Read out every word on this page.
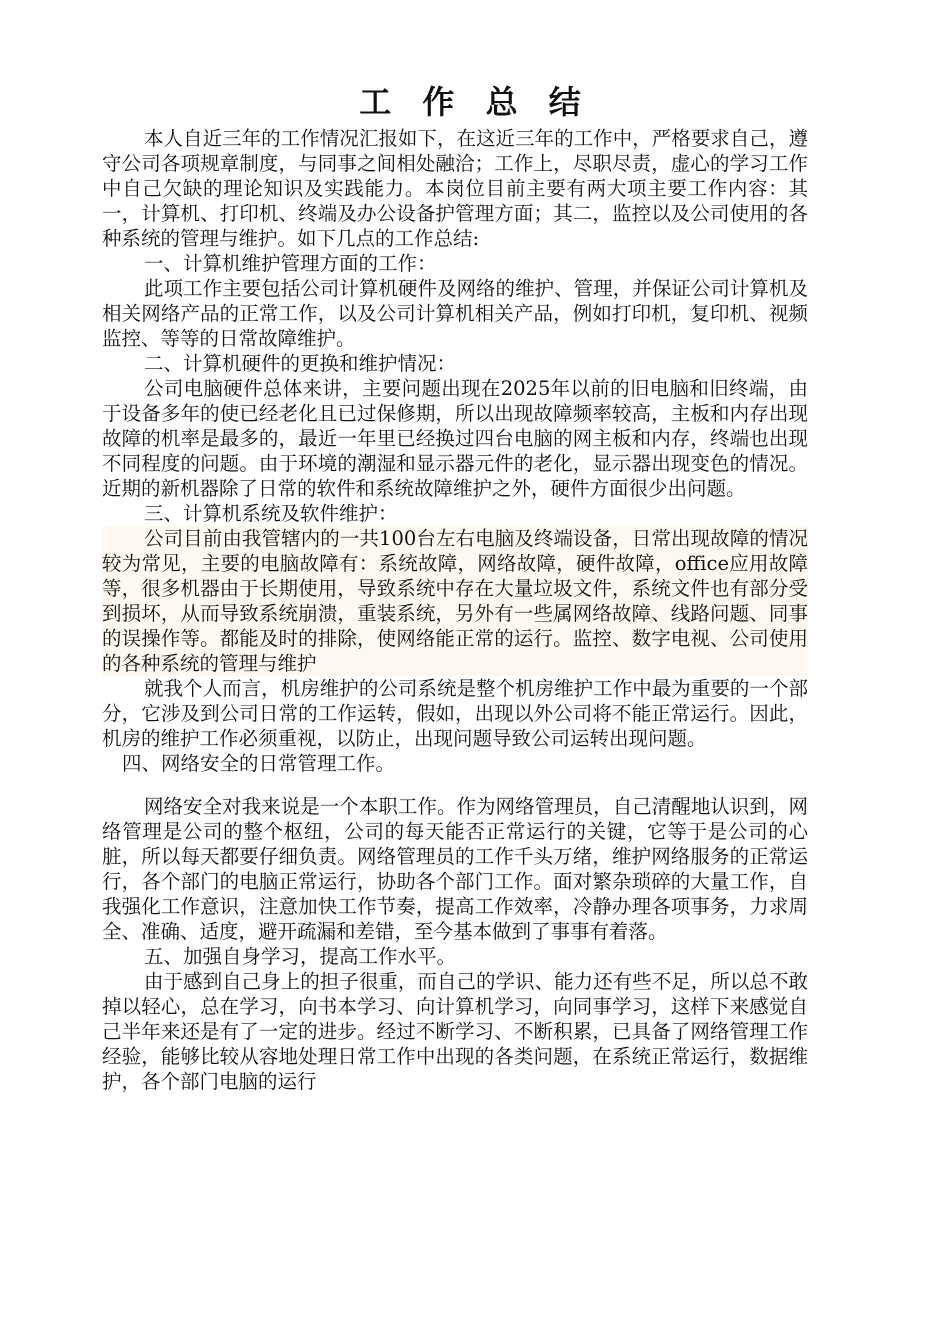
工 作 总 结

本人自近三年的工作情况汇报如下，在这近三年的工作中，严格要求自己，遵守公司各项规章制度，与同事之间相处融洽；工作上，尽职尽责，虚心的学习工作中自己欠缺的理论知识及实践能力。本岗位目前主要有两大项主要工作内容：其一，计算机、打印机、终端及办公设备护管理方面；其二，监控以及公司使用的各种系统的管理与维护。如下几点的工作总结:

一、计算机维护管理方面的工作：

此项工作主要包括公司计算机硬件及网络的维护、管理，并保证公司计算机及相关网络产品的正常工作，以及公司计算机相关产品，例如打印机，复印机、视频监控、等等的日常故障维护。

二、计算机硬件的更换和维护情况：

公司电脑硬件总体来讲，主要问题出现在2025年以前的旧电脑和旧终端，由于设备多年的使已经老化且已过保修期，所以出现故障频率较高，主板和内存出现故障的机率是最多的，最近一年里已经换过四台电脑的网主板和内存，终端也出现不同程度的问题。由于环境的潮湿和显示器元件的老化，显示器出现变色的情况。近期的新机器除了日常的软件和系统故障维护之外，硬件方面很少出问题。

三、计算机系统及软件维护：

公司目前由我管辖内的一共100台左右电脑及终端设备，日常出现故障的情况较为常见，主要的电脑故障有：系统故障，网络故障，硬件故障，office应用故障等，很多机器由于长期使用，导致系统中存在大量垃圾文件，系统文件也有部分受到损坏，从而导致系统崩溃，重装系统，另外有一些属网络故障、线路问题、同事的误操作等。都能及时的排除，使网络能正常的运行。监控、数字电视、公司使用的各种系统的管理与维护

就我个人而言，机房维护的公司系统是整个机房维护工作中最为重要的一个部分，它涉及到公司日常的工作运转，假如，出现以外公司将不能正常运行。因此，机房的维护工作必须重视，以防止，出现问题导致公司运转出现问题。

四、网络安全的日常管理工作。

网络安全对我来说是一个本职工作。作为网络管理员，自己清醒地认识到，网络管理是公司的整个枢纽，公司的每天能否正常运行的关键，它等于是公司的心脏，所以每天都要仔细负责。网络管理员的工作千头万绪，维护网络服务的正常运行，各个部门的电脑正常运行，协助各个部门工作。面对繁杂琐碎的大量工作，自我强化工作意识，注意加快工作节奏，提高工作效率，冷静办理各项事务，力求周全、准确、适度，避开疏漏和差错，至今基本做到了事事有着落。

五、加强自身学习，提高工作水平。

由于感到自己身上的担子很重，而自己的学识、能力还有些不足，所以总不敢掉以轻心，总在学习，向书本学习、向计算机学习，向同事学习，这样下来感觉自己半年来还是有了一定的进步。经过不断学习、不断积累，已具备了网络管理工作经验，能够比较从容地处理日常工作中出现的各类问题，在系统正常运行，数据维护，各个部门电脑的运行
